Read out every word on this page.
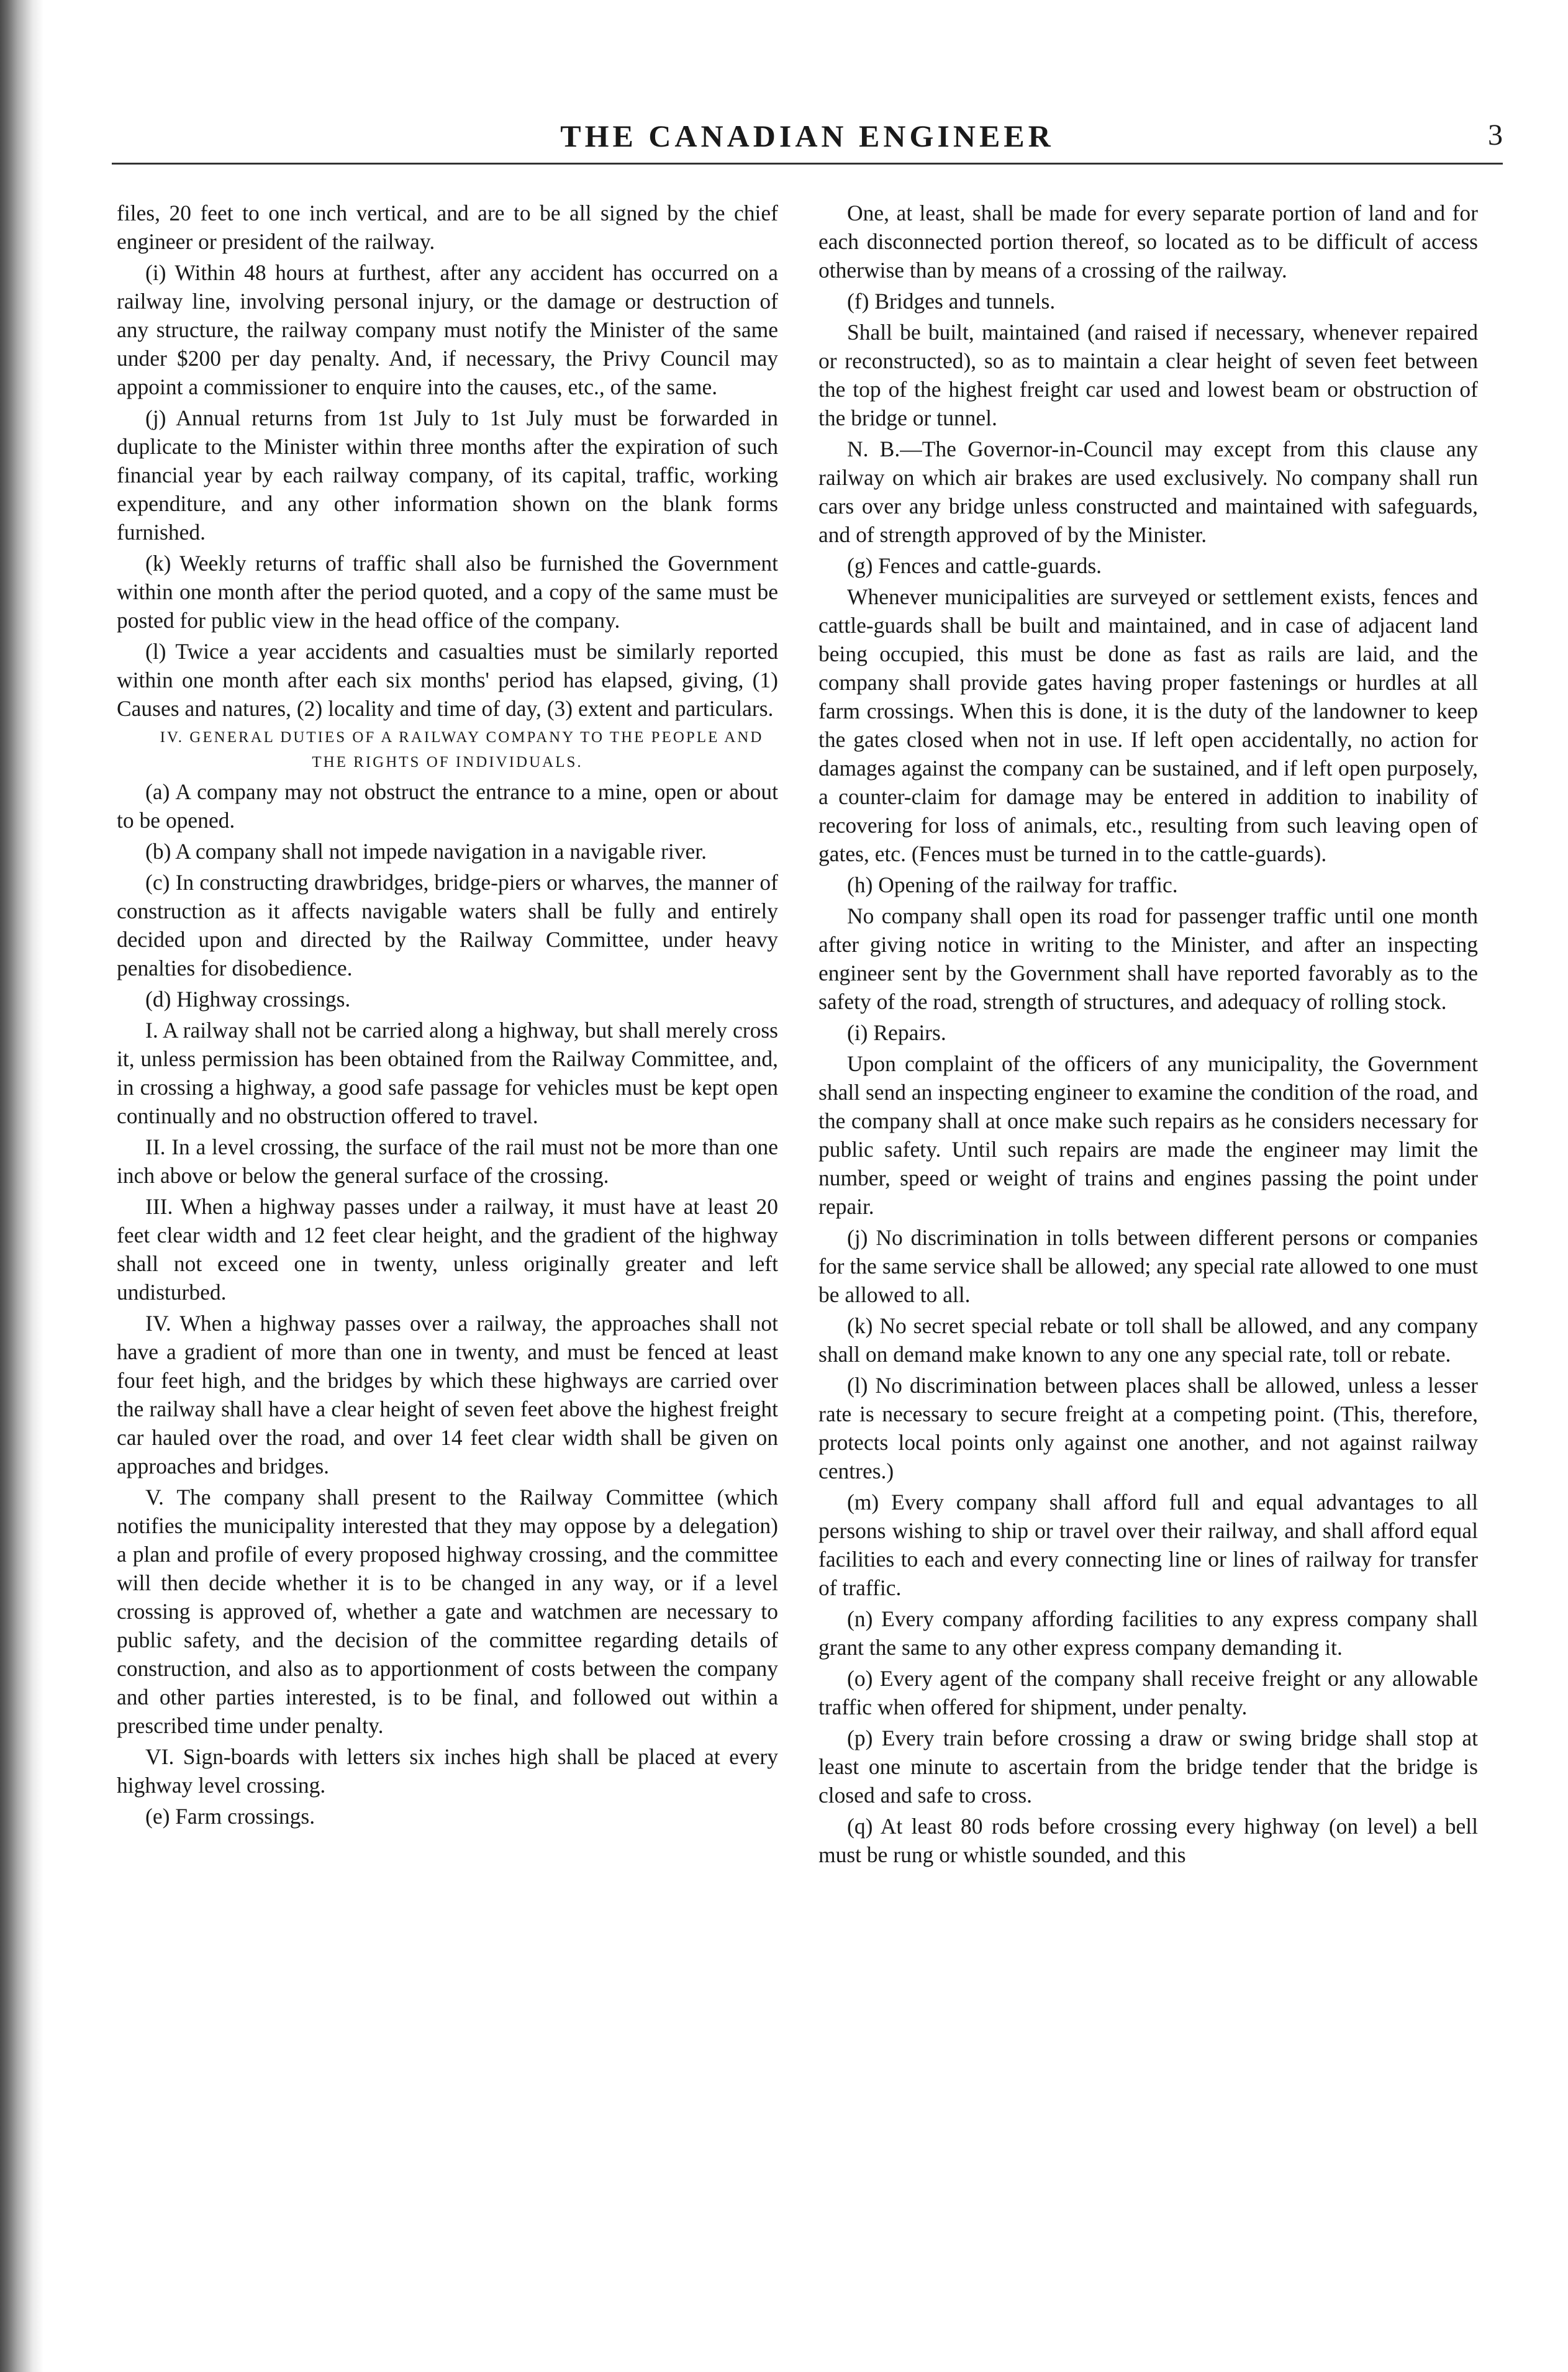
THE CANADIAN ENGINEER	3

files, 20 feet to one inch vertical, and are to be all signed by the chief engineer or president of the railway.

(i) Within 48 hours at furthest, after any accident has occurred on a railway line, involving personal injury, or the damage or destruction of any structure, the railway company must notify the Minister of the same under $200 per day penalty. And, if necessary, the Privy Council may appoint a commissioner to enquire into the causes, etc., of the same.

(j) Annual returns from 1st July to 1st July must be forwarded in duplicate to the Minister within three months after the expiration of such financial year by each railway company, of its capital, traffic, working expenditure, and any other information shown on the blank forms furnished.

(k) Weekly returns of traffic shall also be furnished the Government within one month after the period quoted, and a copy of the same must be posted for public view in the head office of the company.

(l) Twice a year accidents and casualties must be similarly reported within one month after each six months' period has elapsed, giving, (1) Causes and natures, (2) locality and time of day, (3) extent and particulars.

IV. GENERAL DUTIES OF A RAILWAY COMPANY TO THE PEOPLE AND THE RIGHTS OF INDIVIDUALS.

(a) A company may not obstruct the entrance to a mine, open or about to be opened.

(b) A company shall not impede navigation in a navigable river.

(c) In constructing drawbridges, bridge-piers or wharves, the manner of construction as it affects navigable waters shall be fully and entirely decided upon and directed by the Railway Committee, under heavy penalties for disobedience.

(d) Highway crossings.

I. A railway shall not be carried along a highway, but shall merely cross it, unless permission has been obtained from the Railway Committee, and, in crossing a highway, a good safe passage for vehicles must be kept open continually and no obstruction offered to travel.

II. In a level crossing, the surface of the rail must not be more than one inch above or below the general surface of the crossing.

III. When a highway passes under a railway, it must have at least 20 feet clear width and 12 feet clear height, and the gradient of the highway shall not exceed one in twenty, unless originally greater and left undisturbed.

IV. When a highway passes over a railway, the approaches shall not have a gradient of more than one in twenty, and must be fenced at least four feet high, and the bridges by which these highways are carried over the railway shall have a clear height of seven feet above the highest freight car hauled over the road, and over 14 feet clear width shall be given on approaches and bridges.

V. The company shall present to the Railway Committee (which notifies the municipality interested that they may oppose by a delegation) a plan and profile of every proposed highway crossing, and the committee will then decide whether it is to be changed in any way, or if a level crossing is approved of, whether a gate and watchmen are necessary to public safety, and the decision of the committee regarding details of construction, and also as to apportionment of costs between the company and other parties interested, is to be final, and followed out within a prescribed time under penalty.

VI. Sign-boards with letters six inches high shall be placed at every highway level crossing.

(e) Farm crossings.

One, at least, shall be made for every separate portion of land and for each disconnected portion thereof, so located as to be difficult of access otherwise than by means of a crossing of the railway.

(f) Bridges and tunnels.

Shall be built, maintained (and raised if necessary, whenever repaired or reconstructed), so as to maintain a clear height of seven feet between the top of the highest freight car used and lowest beam or obstruction of the bridge or tunnel.

N. B.—The Governor-in-Council may except from this clause any railway on which air brakes are used exclusively. No company shall run cars over any bridge unless constructed and maintained with safeguards, and of strength approved of by the Minister.

(g) Fences and cattle-guards.

Whenever municipalities are surveyed or settlement exists, fences and cattle-guards shall be built and maintained, and in case of adjacent land being occupied, this must be done as fast as rails are laid, and the company shall provide gates having proper fastenings or hurdles at all farm crossings. When this is done, it is the duty of the landowner to keep the gates closed when not in use. If left open accidentally, no action for damages against the company can be sustained, and if left open purposely, a counter-claim for damage may be entered in addition to inability of recovering for loss of animals, etc., resulting from such leaving open of gates, etc. (Fences must be turned in to the cattle-guards).

(h) Opening of the railway for traffic.

No company shall open its road for passenger traffic until one month after giving notice in writing to the Minister, and after an inspecting engineer sent by the Government shall have reported favorably as to the safety of the road, strength of structures, and adequacy of rolling stock.

(i) Repairs.

Upon complaint of the officers of any municipality, the Government shall send an inspecting engineer to examine the condition of the road, and the company shall at once make such repairs as he considers necessary for public safety. Until such repairs are made the engineer may limit the number, speed or weight of trains and engines passing the point under repair.

(j) No discrimination in tolls between different persons or companies for the same service shall be allowed; any special rate allowed to one must be allowed to all.

(k) No secret special rebate or toll shall be allowed, and any company shall on demand make known to any one any special rate, toll or rebate.

(l) No discrimination between places shall be allowed, unless a lesser rate is necessary to secure freight at a competing point. (This, therefore, protects local points only against one another, and not against railway centres.)

(m) Every company shall afford full and equal advantages to all persons wishing to ship or travel over their railway, and shall afford equal facilities to each and every connecting line or lines of railway for transfer of traffic.

(n) Every company affording facilities to any express company shall grant the same to any other express company demanding it.

(o) Every agent of the company shall receive freight or any allowable traffic when offered for shipment, under penalty.

(p) Every train before crossing a draw or swing bridge shall stop at least one minute to ascertain from the bridge tender that the bridge is closed and safe to cross.

(q) At least 80 rods before crossing every highway (on level) a bell must be rung or whistle sounded, and this
